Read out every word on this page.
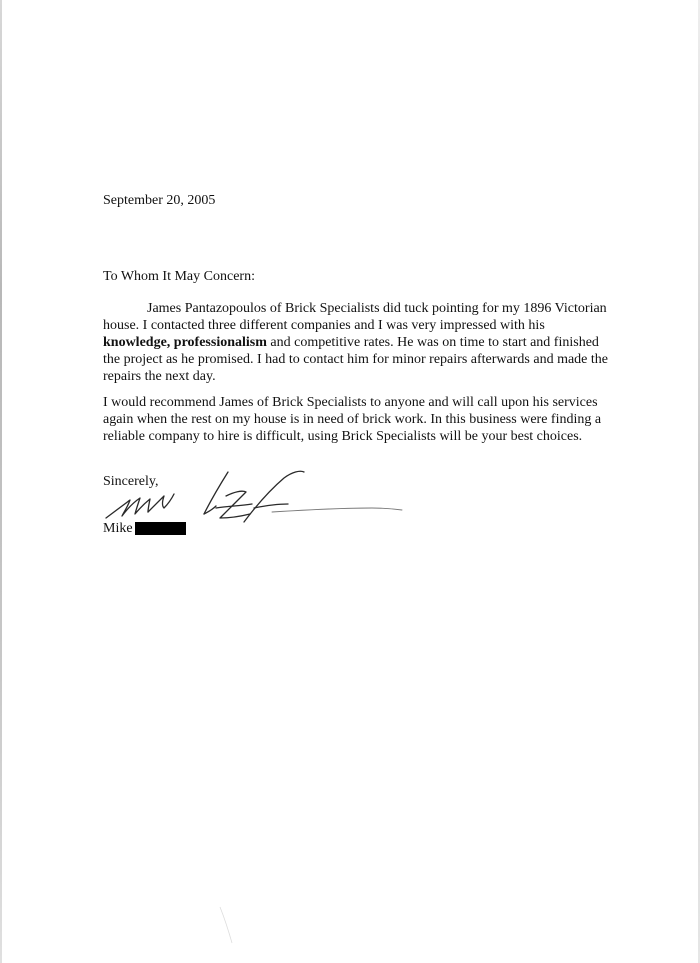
September 20, 2005

To Whom It May Concern:

James Pantazopoulos of Brick Specialists did tuck pointing for my 1896 Victorian house. I contacted three different companies and I was very impressed with his knowledge, professionalism and competitive rates. He was on time to start and finished the project as he promised. I had to contact him for minor repairs afterwards and made the repairs the next day.

I would recommend James of Brick Specialists to anyone and will call upon his services again when the rest on my house is in need of brick work. In this business were finding a reliable company to hire is difficult, using Brick Specialists will be your best choices.

Sincerely,

Mike
